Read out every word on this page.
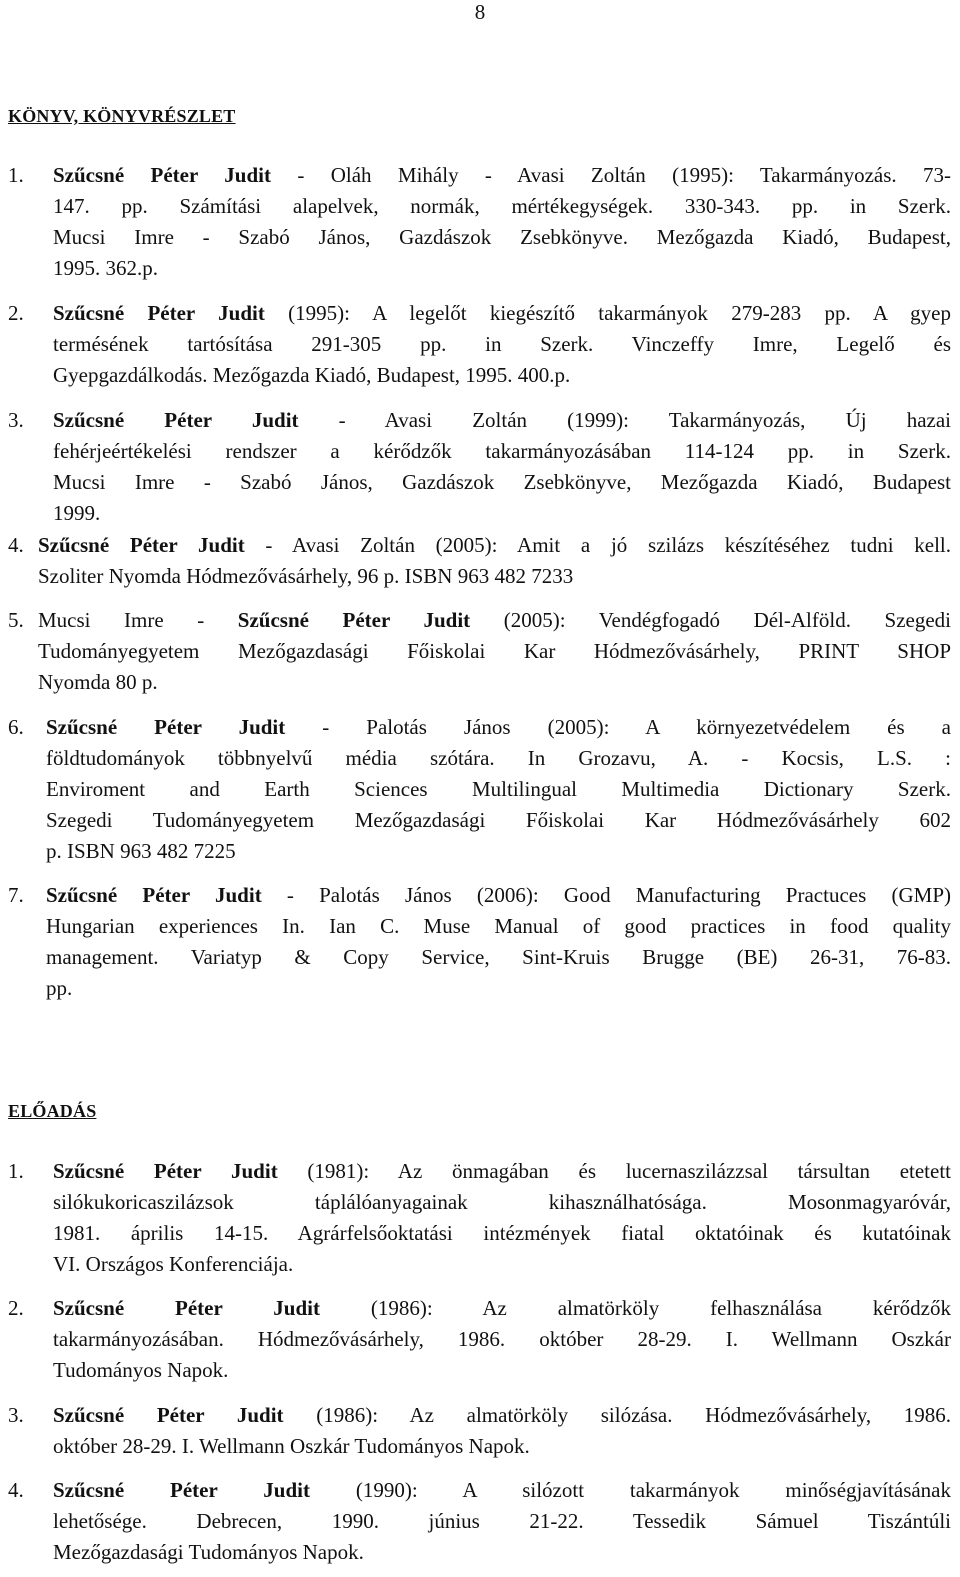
8
KÖNYV, KÖNYVRÉSZLET
1. Szűcsné Péter Judit - Oláh Mihály - Avasi Zoltán (1995): Takarmányozás. 73-
147. pp. Számítási alapelvek, normák, mértékegységek. 330-343. pp. in Szerk.
Mucsi Imre - Szabó János, Gazdászok Zsebkönyve. Mezőgazda Kiadó, Budapest,
1995. 362.p.
2. Szűcsné Péter Judit (1995): A legelőt kiegészítő takarmányok 279-283 pp. A gyep
termésének tartósítása 291-305 pp. in Szerk. Vinczeffy Imre, Legelő és
Gyepgazdálkodás. Mezőgazda Kiadó, Budapest, 1995. 400.p.
3. Szűcsné Péter Judit - Avasi Zoltán (1999): Takarmányozás, Új hazai
fehérjeértékelési rendszer a kérődzők takarmányozásában 114-124 pp. in Szerk.
Mucsi Imre - Szabó János, Gazdászok Zsebkönyve, Mezőgazda Kiadó, Budapest
1999.
4. Szűcsné Péter Judit - Avasi Zoltán (2005): Amit a jó szilázs készítéséhez tudni kell.
Szoliter Nyomda Hódmezővásárhely, 96 p. ISBN 963 482 7233
5. Mucsi Imre - Szűcsné Péter Judit (2005): Vendégfogadó Dél-Alföld. Szegedi
Tudományegyetem Mezőgazdasági Főiskolai Kar Hódmezővásárhely, PRINT SHOP
Nyomda 80 p.
6. Szűcsné Péter Judit - Palotás János (2005): A környezetvédelem és a
földtudományok többnyelvű média szótára. In Grozavu, A. - Kocsis, L.S. :
Enviroment and Earth Sciences Multilingual Multimedia Dictionary Szerk.
Szegedi Tudományegyetem Mezőgazdasági Főiskolai Kar Hódmezővásárhely 602
p. ISBN 963 482 7225
7. Szűcsné Péter Judit - Palotás János (2006): Good Manufacturing Practuces (GMP)
Hungarian experiences In. Ian C. Muse Manual of good practices in food quality
management. Variatyp & Copy Service, Sint-Kruis Brugge (BE) 26-31, 76-83.
pp.
ELŐADÁS
1. Szűcsné Péter Judit (1981): Az önmagában és lucernaszilázzsal társultan etetett
silókukoricaszilázsok táplálóanyagainak kihasználhatósága. Mosonmagyaróvár,
1981. április 14-15. Agrárfelsőoktatási intézmények fiatal oktatóinak és kutatóinak
VI. Országos Konferenciája.
2. Szűcsné Péter Judit (1986): Az almatörköly felhasználása kérődzők
takarmányozásában. Hódmezővásárhely, 1986. október 28-29. I. Wellmann Oszkár
Tudományos Napok.
3. Szűcsné Péter Judit (1986): Az almatörköly silózása. Hódmezővásárhely, 1986.
október 28-29. I. Wellmann Oszkár Tudományos Napok.
4. Szűcsné Péter Judit (1990): A silózott takarmányok minőségjavításának
lehetősége. Debrecen, 1990. június 21-22. Tessedik Sámuel Tiszántúli
Mezőgazdasági Tudományos Napok.
